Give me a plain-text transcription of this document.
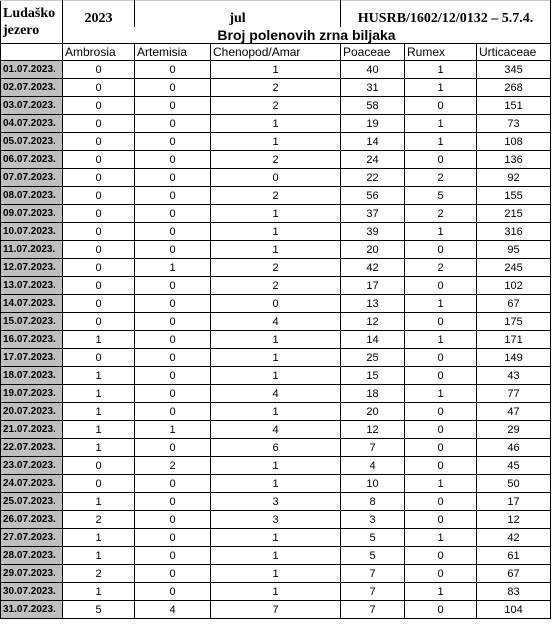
Ludaško
jezero	2023	jul		HUSRB/1602/12/0132 – 5.7.4.		
	Broj polenovih zrna biljaka					
	Ambrosia	Artemisia	Chenopod/Amar	Poaceae	Rumex	Urticaceae
01.07.2023.	0	0	1	40	1	345
02.07.2023.	0	0	2	31	1	268
03.07.2023.	0	0	2	58	0	151
04.07.2023.	0	0	1	19	1	73
05.07.2023.	0	0	1	14	1	108
06.07.2023.	0	0	2	24	0	136
07.07.2023.	0	0	0	22	2	92
08.07.2023.	0	0	2	56	5	155
09.07.2023.	0	0	1	37	2	215
10.07.2023.	0	0	1	39	1	316
11.07.2023.	0	0	1	20	0	95
12.07.2023.	0	1	2	42	2	245
13.07.2023.	0	0	2	17	0	102
14.07.2023.	0	0	0	13	1	67
15.07.2023.	0	0	4	12	0	175
16.07.2023.	1	0	1	14	1	171
17.07.2023.	0	0	1	25	0	149
18.07.2023.	1	0	1	15	0	43
19.07.2023.	1	0	4	18	1	77
20.07.2023.	1	0	1	20	0	47
21.07.2023.	1	1	4	12	0	29
22.07.2023.	1	0	6	7	0	46
23.07.2023.	0	2	1	4	0	45
24.07.2023.	0	0	1	10	1	50
25.07.2023.	1	0	3	8	0	17
26.07.2023.	2	0	3	3	0	12
27.07.2023.	1	0	1	5	1	42
28.07.2023.	1	0	1	5	0	61
29.07.2023.	2	0	1	7	0	67
30.07.2023.	1	0	1	7	1	83
31.07.2023.	5	4	7	7	0	104
